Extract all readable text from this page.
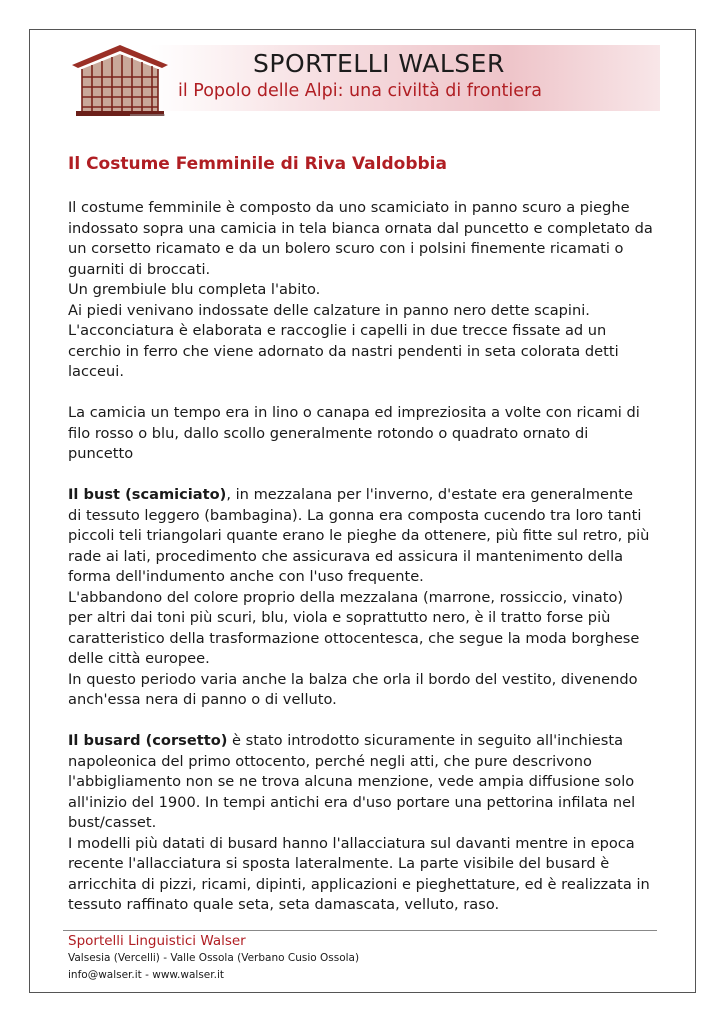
SPORTELLI WALSER
il Popolo delle Alpi: una civiltà di frontiera
Il Costume Femminile di Riva Valdobbia

Il costume femminile è composto da uno scamiciato in panno scuro a pieghe
indossato sopra una camicia in tela bianca ornata dal puncetto e completato da
un corsetto ricamato e da un bolero scuro con i polsini finemente ricamati o
guarniti di broccati.
Un grembiule blu completa l'abito.
Ai piedi venivano indossate delle calzature in panno nero dette scapini.
L'acconciatura è elaborata e raccoglie i capelli in due trecce fissate ad un
cerchio in ferro che viene adornato da nastri pendenti in seta colorata detti
lacceui.

La camicia un tempo era in lino o canapa ed impreziosita a volte con ricami di
filo rosso o blu, dallo scollo generalmente rotondo o quadrato ornato di
puncetto

Il bust (scamiciato), in mezzalana per l'inverno, d'estate era generalmente
di tessuto leggero (bambagina). La gonna era composta cucendo tra loro tanti
piccoli teli triangolari quante erano le pieghe da ottenere, più fitte sul retro, più
rade ai lati, procedimento che assicurava ed assicura il mantenimento della
forma dell'indumento anche con l'uso frequente.
L'abbandono del colore proprio della mezzalana (marrone, rossiccio, vinato)
per altri dai toni più scuri, blu, viola e soprattutto nero, è il tratto forse più
caratteristico della trasformazione ottocentesca, che segue la moda borghese
delle città europee.
In questo periodo varia anche la balza che orla il bordo del vestito, divenendo
anch'essa nera di panno o di velluto.

Il busard (corsetto) è stato introdotto sicuramente in seguito all'inchiesta
napoleonica del primo ottocento, perché negli atti, che pure descrivono
l'abbigliamento non se ne trova alcuna menzione, vede ampia diffusione solo
all'inizio del 1900. In tempi antichi era d'uso portare una pettorina infilata nel
bust/casset.
I modelli più datati di busard hanno l'allacciatura sul davanti mentre in epoca
recente l'allacciatura si sposta lateralmente. La parte visibile del busard è
arricchita di pizzi, ricami, dipinti, applicazioni e pieghettature, ed è realizzata in
tessuto raffinato quale seta, seta damascata, velluto, raso.

Sportelli Linguistici Walser
Valsesia (Vercelli) - Valle Ossola (Verbano Cusio Ossola)
info@walser.it - www.walser.it
